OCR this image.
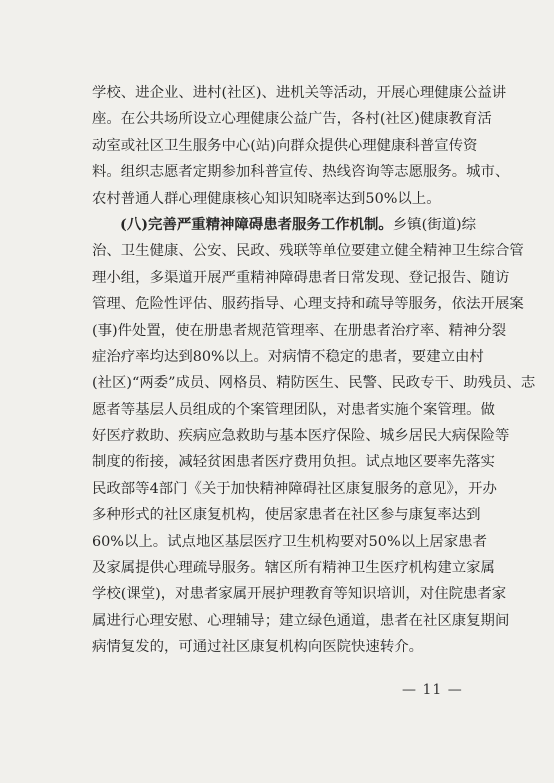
学校、进企业、进村(社区)、进机关等活动，开展心理健康公益讲
座。在公共场所设立心理健康公益广告，各村(社区)健康教育活
动室或社区卫生服务中心(站)向群众提供心理健康科普宣传资
料。组织志愿者定期参加科普宣传、热线咨询等志愿服务。城市、
农村普通人群心理健康核心知识知晓率达到50%以上。
(八)完善严重精神障碍患者服务工作机制。乡镇(街道)综
治、卫生健康、公安、民政、残联等单位要建立健全精神卫生综合管
理小组，多渠道开展严重精神障碍患者日常发现、登记报告、随访
管理、危险性评估、服药指导、心理支持和疏导等服务，依法开展案
(事)件处置，使在册患者规范管理率、在册患者治疗率、精神分裂
症治疗率均达到80%以上。对病情不稳定的患者，要建立由村
(社区)“两委”成员、网格员、精防医生、民警、民政专干、助残员、志
愿者等基层人员组成的个案管理团队，对患者实施个案管理。做
好医疗救助、疾病应急救助与基本医疗保险、城乡居民大病保险等
制度的衔接，减轻贫困患者医疗费用负担。试点地区要率先落实
民政部等4部门《关于加快精神障碍社区康复服务的意见》，开办
多种形式的社区康复机构，使居家患者在社区参与康复率达到
60%以上。试点地区基层医疗卫生机构要对50%以上居家患者
及家属提供心理疏导服务。辖区所有精神卫生医疗机构建立家属
学校(课堂)，对患者家属开展护理教育等知识培训，对住院患者家
属进行心理安慰、心理辅导；建立绿色通道，患者在社区康复期间
病情复发的，可通过社区康复机构向医院快速转介。
— 11 —
